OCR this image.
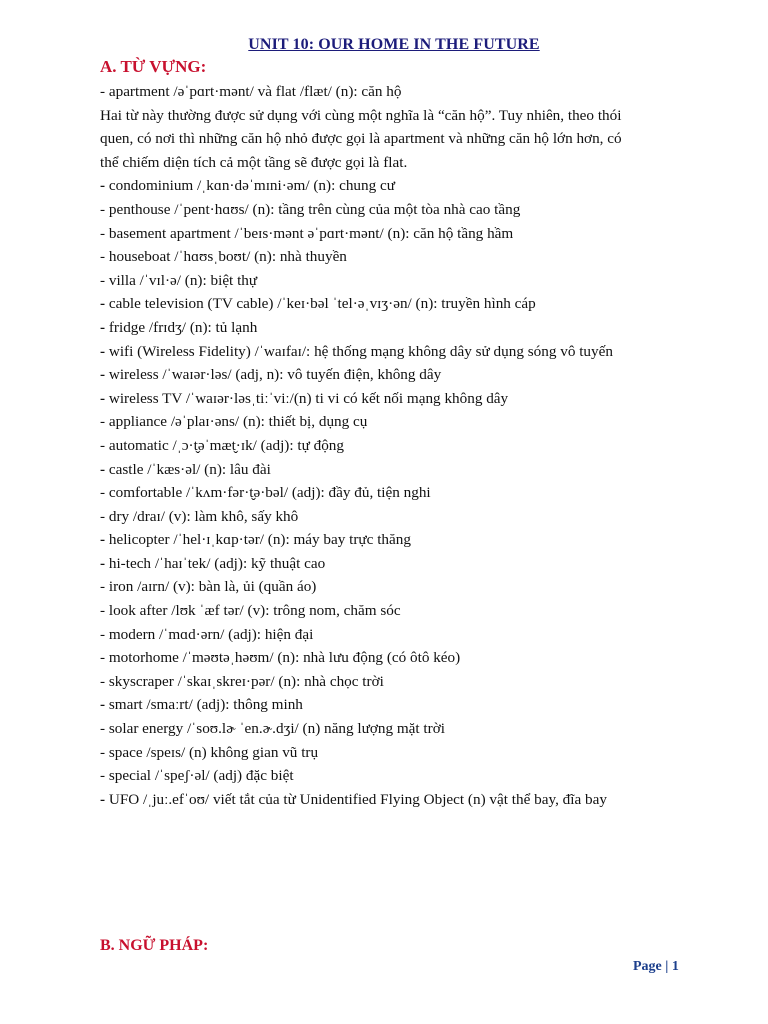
UNIT 10: OUR HOME IN THE FUTURE
A. TỪ VỰNG:
- apartment /əˈpɑrt·mənt/ và flat /flæt/ (n): căn hộ
Hai từ này thường được sử dụng với cùng một nghĩa là “căn hộ”. Tuy nhiên, theo thói
quen, có nơi thì những căn hộ nhỏ được gọi là apartment và những căn hộ lớn hơn, có
thể chiếm diện tích cả một tầng sẽ được gọi là flat.
- condominium /ˌkɑn·dəˈmɪni·əm/ (n): chung cư
- penthouse /ˈpent·hɑʊs/ (n): tầng trên cùng của một tòa nhà cao tầng
- basement apartment /ˈbeɪs·mənt əˈpɑrt·mənt/ (n): căn hộ tầng hầm
- houseboat /ˈhɑʊsˌboʊt/ (n): nhà thuyền
- villa /ˈvɪl·ə/ (n): biệt thự
- cable television (TV cable) /ˈkeɪ·bəl ˈtel·əˌvɪʒ·ən/ (n): truyền hình cáp
- fridge /frɪdʒ/ (n): tủ lạnh
- wifi (Wireless Fidelity) /ˈwaɪfaɪ/: hệ thống mạng không dây sử dụng sóng vô tuyến
- wireless /ˈwaɪər·ləs/ (adj, n): vô tuyến điện, không dây
- wireless TV /ˈwaɪər·ləsˌtiːˈviː/(n) ti vi có kết nối mạng không dây
- appliance /əˈplaɪ·əns/ (n): thiết bị, dụng cụ
- automatic /ˌɔ·t̬əˈmæt̬·ɪk/ (adj): tự động
- castle /ˈkæs·əl/ (n): lâu đài
- comfortable /ˈkʌm·fər·t̬ə·bəl/ (adj): đầy đủ, tiện nghi
- dry /draɪ/ (v): làm khô, sấy khô
- helicopter /ˈhel·ɪˌkɑp·tər/ (n): máy bay trực thăng
- hi-tech /ˈhaɪˈtek/ (adj): kỹ thuật cao
- iron /aɪrn/ (v): bàn là, ủi (quần áo)
- look after /lʊk ˈæf tər/ (v): trông nom, chăm sóc
- modern /ˈmɑd·ərn/ (adj): hiện đại
- motorhome /ˈməʊtəˌhəʊm/ (n): nhà lưu động (có ôtô kéo)
- skyscraper /ˈskaɪˌskreɪ·pər/ (n): nhà chọc trời
- smart /smaːrt/ (adj): thông minh
- solar energy /ˈsoʊ.lɚ ˈen.ɚ.dʒi/ (n) năng lượng mặt trời
- space /speɪs/ (n) không gian vũ trụ
- special /ˈspeʃ·əl/ (adj) đặc biệt
- UFO /ˌjuː.efˈoʊ/ viết tắt của từ Unidentified Flying Object (n) vật thể bay, đĩa bay
B. NGỮ PHÁP:
Page | 1
